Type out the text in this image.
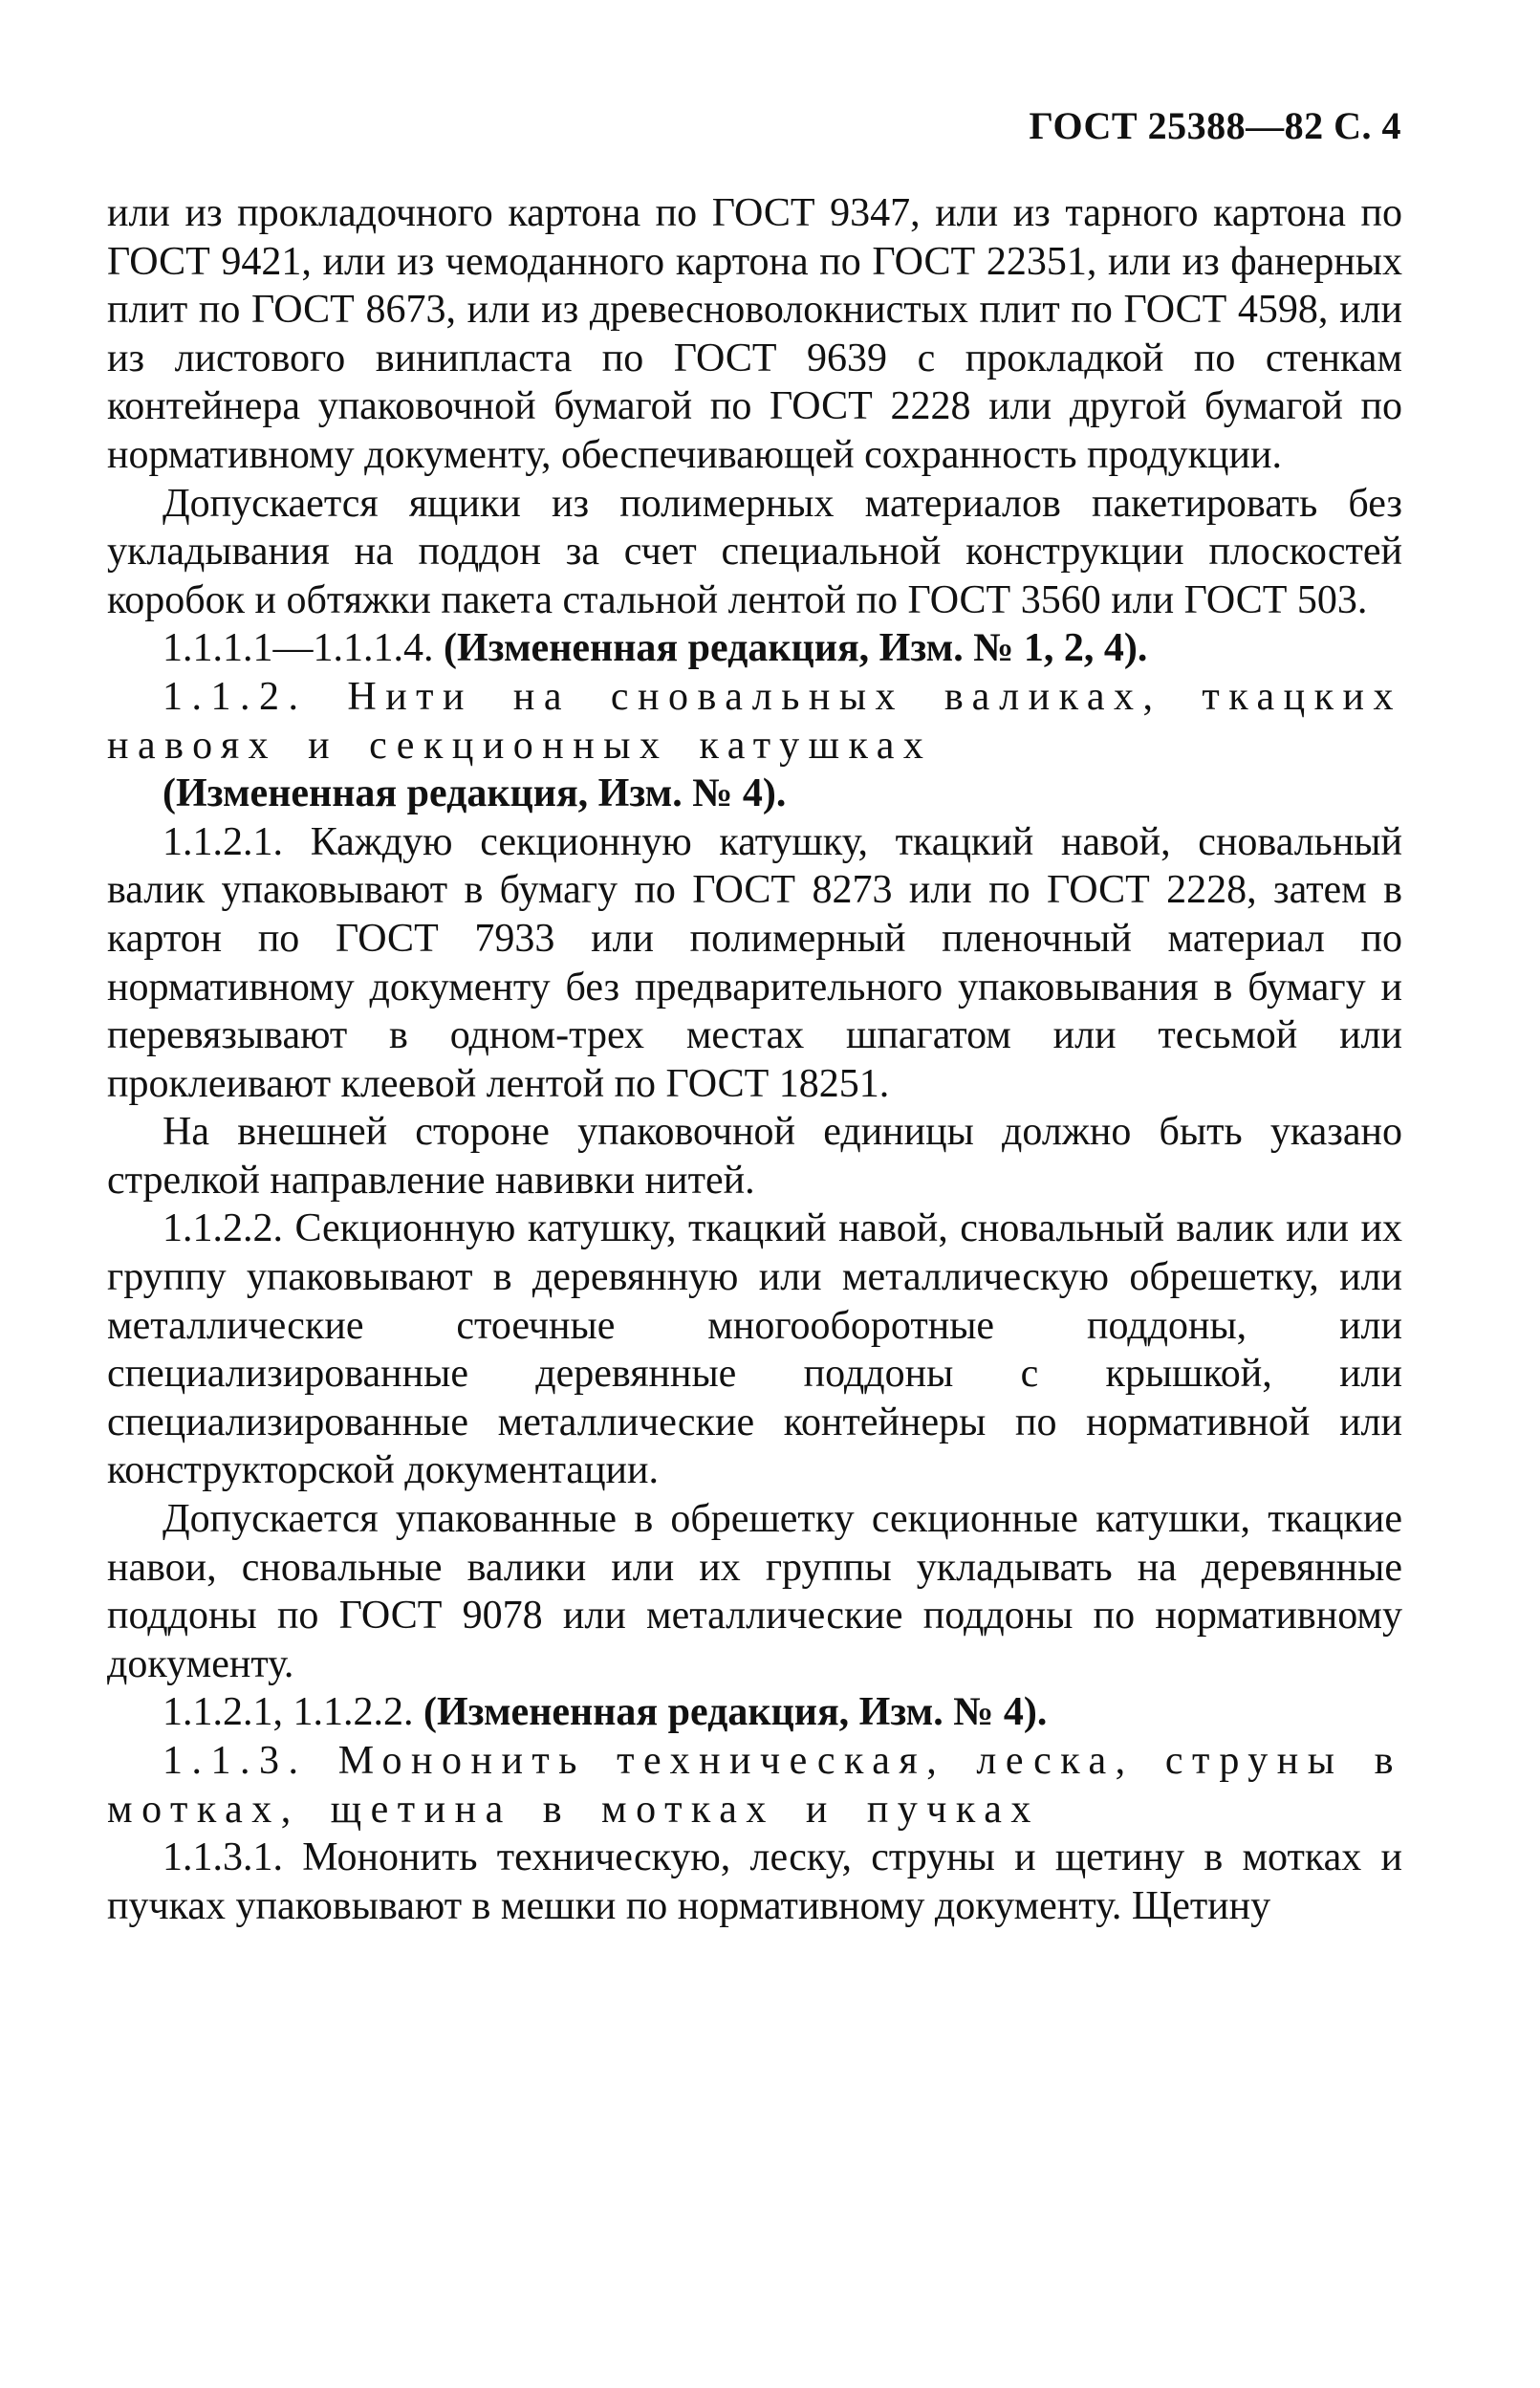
ГОСТ 25388—82 С. 4

или из прокладочного картона по ГОСТ 9347, или из тарного картона по ГОСТ 9421, или из чемоданного картона по ГОСТ 22351, или из фанерных плит по ГОСТ 8673, или из древесноволокнистых плит по ГОСТ 4598, или из листового винипласта по ГОСТ 9639 с прокладкой по стенкам контейнера упаковочной бумагой по ГОСТ 2228 или другой бумагой по нормативному документу, обеспечивающей сохранность продукции.

Допускается ящики из полимерных материалов пакетировать без укладывания на поддон за счет специальной конструкции плоскостей коробок и обтяжки пакета стальной лентой по ГОСТ 3560 или ГОСТ 503.

1.1.1.1—1.1.1.4. (Измененная редакция, Изм. № 1, 2, 4).

1.1.2. Нити на сновальных валиках, ткацких навоях и секционных катушках

(Измененная редакция, Изм. № 4).

1.1.2.1. Каждую секционную катушку, ткацкий навой, сновальный валик упаковывают в бумагу по ГОСТ 8273 или по ГОСТ 2228, затем в картон по ГОСТ 7933 или полимерный пленочный материал по нормативному документу без предварительного упаковывания в бумагу и перевязывают в одном-трех местах шпагатом или тесьмой или проклеивают клеевой лентой по ГОСТ 18251.

На внешней стороне упаковочной единицы должно быть указано стрелкой направление навивки нитей.

1.1.2.2. Секционную катушку, ткацкий навой, сновальный валик или их группу упаковывают в деревянную или металлическую обрешетку, или металлические стоечные многооборотные поддоны, или специализированные деревянные поддоны с крышкой, или специализированные металлические контейнеры по нормативной или конструкторской документации.

Допускается упакованные в обрешетку секционные катушки, ткацкие навои, сновальные валики или их группы укладывать на деревянные поддоны по ГОСТ 9078 или металлические поддоны по нормативному документу.

1.1.2.1, 1.1.2.2. (Измененная редакция, Изм. № 4).

1.1.3. Мононить техническая, леска, струны в мотках, щетина в мотках и пучках

1.1.3.1. Мононить техническую, леску, струны и щетину в мотках и пучках упаковывают в мешки по нормативному документу. Щетину
